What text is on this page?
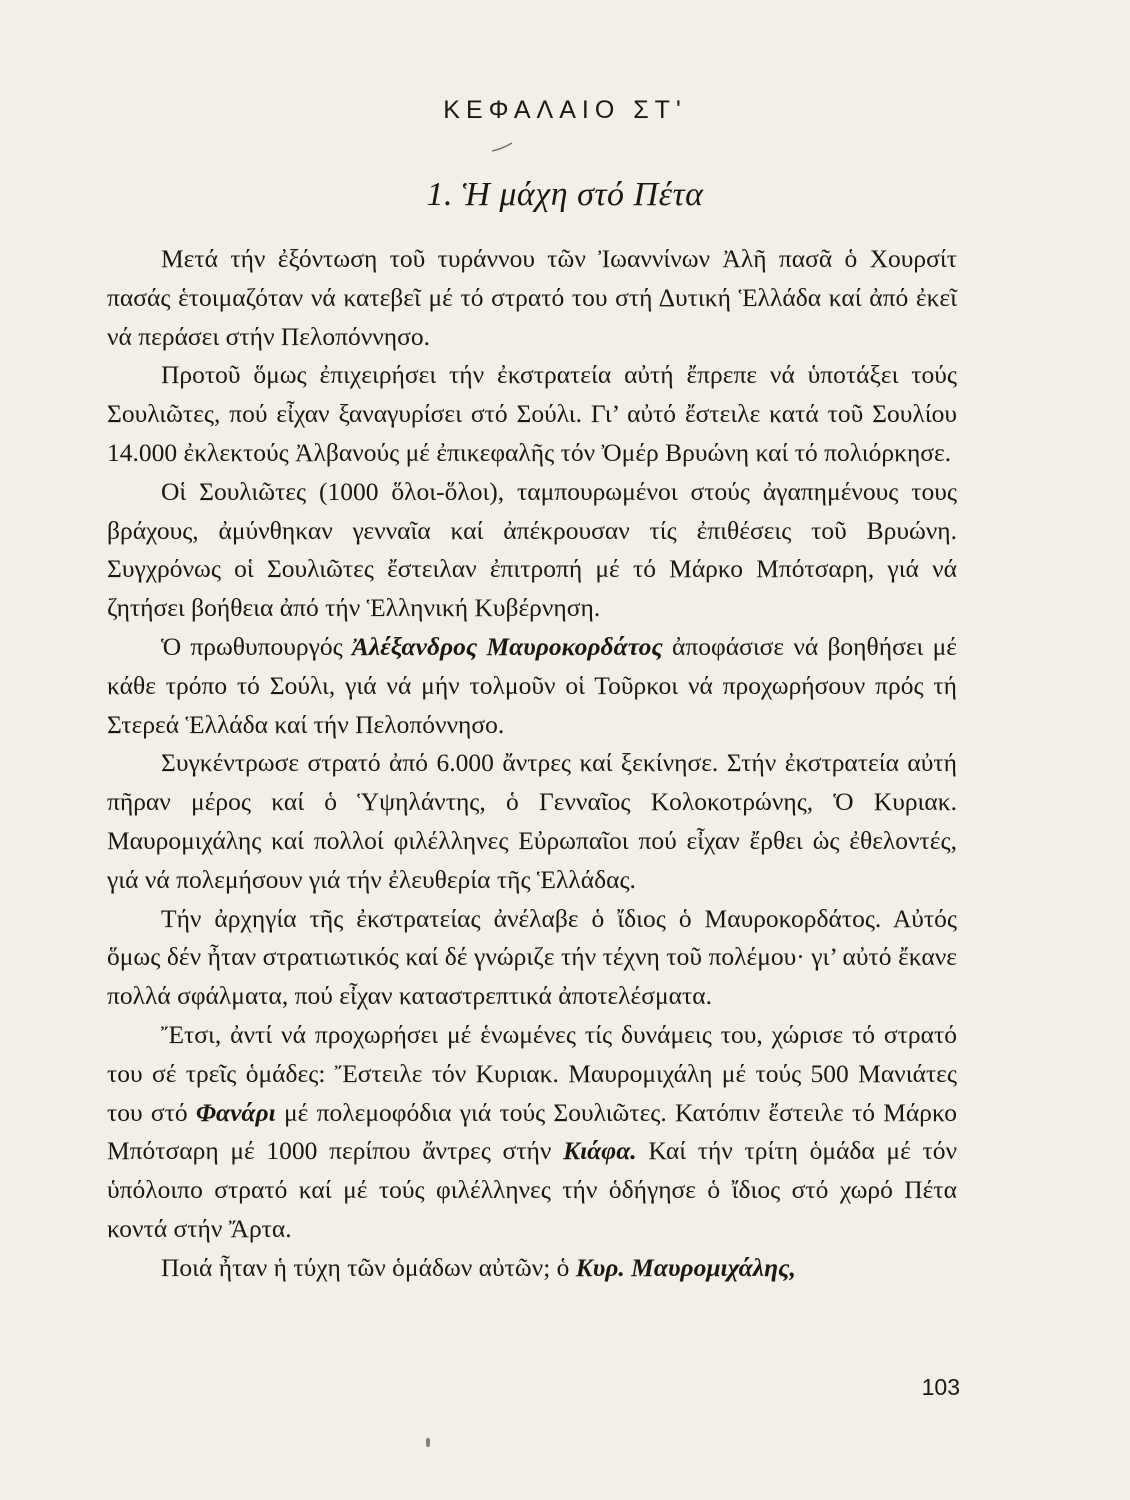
ΚΕΦΑΛΑΙΟ ΣΤ'
1. Ἡ μάχη στό Πέτα

Μετά τήν ἐξόντωση τοῦ τυράννου τῶν Ἰωαννίνων Ἀλῆ πασᾶ ὁ Χουρσίτ πασάς ἑτοιμαζόταν νά κατεβεῖ μέ τό στρατό του στή Δυτική Ἑλλάδα καί ἀπό ἐκεῖ νά περάσει στήν Πελοπόννησο.

Προτοῦ ὅμως ἐπιχειρήσει τήν ἐκστρατεία αὐτή ἔπρεπε νά ὑποτάξει τούς Σουλιῶτες, πού εἶχαν ξαναγυρίσει στό Σούλι. Γι’ αὐτό ἔστειλε κατά τοῦ Σουλίου 14.000 ἐκλεκτούς Ἀλβανούς μέ ἐπικεφαλῆς τόν Ὀμέρ Βρυώνη καί τό πολιόρκησε.

Οἱ Σουλιῶτες (1000 ὅλοι-ὅλοι), ταμπουρωμένοι στούς ἀγαπημένους τους βράχους, ἀμύνθηκαν γενναῖα καί ἀπέκρουσαν τίς ἐπιθέσεις τοῦ Βρυώνη. Συγχρόνως οἱ Σουλιῶτες ἔστειλαν ἐπιτροπή μέ τό Μάρκο Μπότσαρη, γιά νά ζητήσει βοήθεια ἀπό τήν Ἑλληνική Κυβέρνηση.

Ὁ πρωθυπουργός Ἀλέξανδρος Μαυροκορδάτος ἀποφάσισε νά βοηθήσει μέ κάθε τρόπο τό Σούλι, γιά νά μήν τολμοῦν οἱ Τοῦρκοι νά προχωρήσουν πρός τή Στερεά Ἑλλάδα καί τήν Πελοπόννησο.

Συγκέντρωσε στρατό ἀπό 6.000 ἄντρες καί ξεκίνησε. Στήν ἐκστρατεία αὐτή πῆραν μέρος καί ὁ Ὑψηλάντης, ὁ Γενναῖος Κολοκοτρώνης, Ὁ Κυριακ. Μαυρομιχάλης καί πολλοί φιλέλληνες Εὐρωπαῖοι πού εἶχαν ἔρθει ὡς ἐθελοντές, γιά νά πολεμήσουν γιά τήν ἐλευθερία τῆς Ἑλλάδας.

Τήν ἀρχηγία τῆς ἐκστρατείας ἀνέλαβε ὁ ἴδιος ὁ Μαυροκορδάτος. Αὐτός ὅμως δέν ἦταν στρατιωτικός καί δέ γνώριζε τήν τέχνη τοῦ πολέμου· γι’ αὐτό ἔκανε πολλά σφάλματα, πού εἶχαν καταστρεπτικά ἀποτελέσματα.

Ἔτσι, ἀντί νά προχωρήσει μέ ἑνωμένες τίς δυνάμεις του, χώρισε τό στρατό του σέ τρεῖς ὁμάδες: Ἔστειλε τόν Κυριακ. Μαυρομιχάλη μέ τούς 500 Μανιάτες του στό Φανάρι μέ πολεμοφόδια γιά τούς Σουλιῶτες. Κατόπιν ἔστειλε τό Μάρκο Μπότσαρη μέ 1000 περίπου ἄντρες στήν Κιάφα. Καί τήν τρίτη ὁμάδα μέ τόν ὑπόλοιπο στρατό καί μέ τούς φιλέλληνες τήν ὁδήγησε ὁ ἴδιος στό χωρό Πέτα κοντά στήν Ἄρτα.

Ποιά ἦταν ἡ τύχη τῶν ὁμάδων αὐτῶν; ὁ Κυρ. Μαυρομιχάλης,

103
